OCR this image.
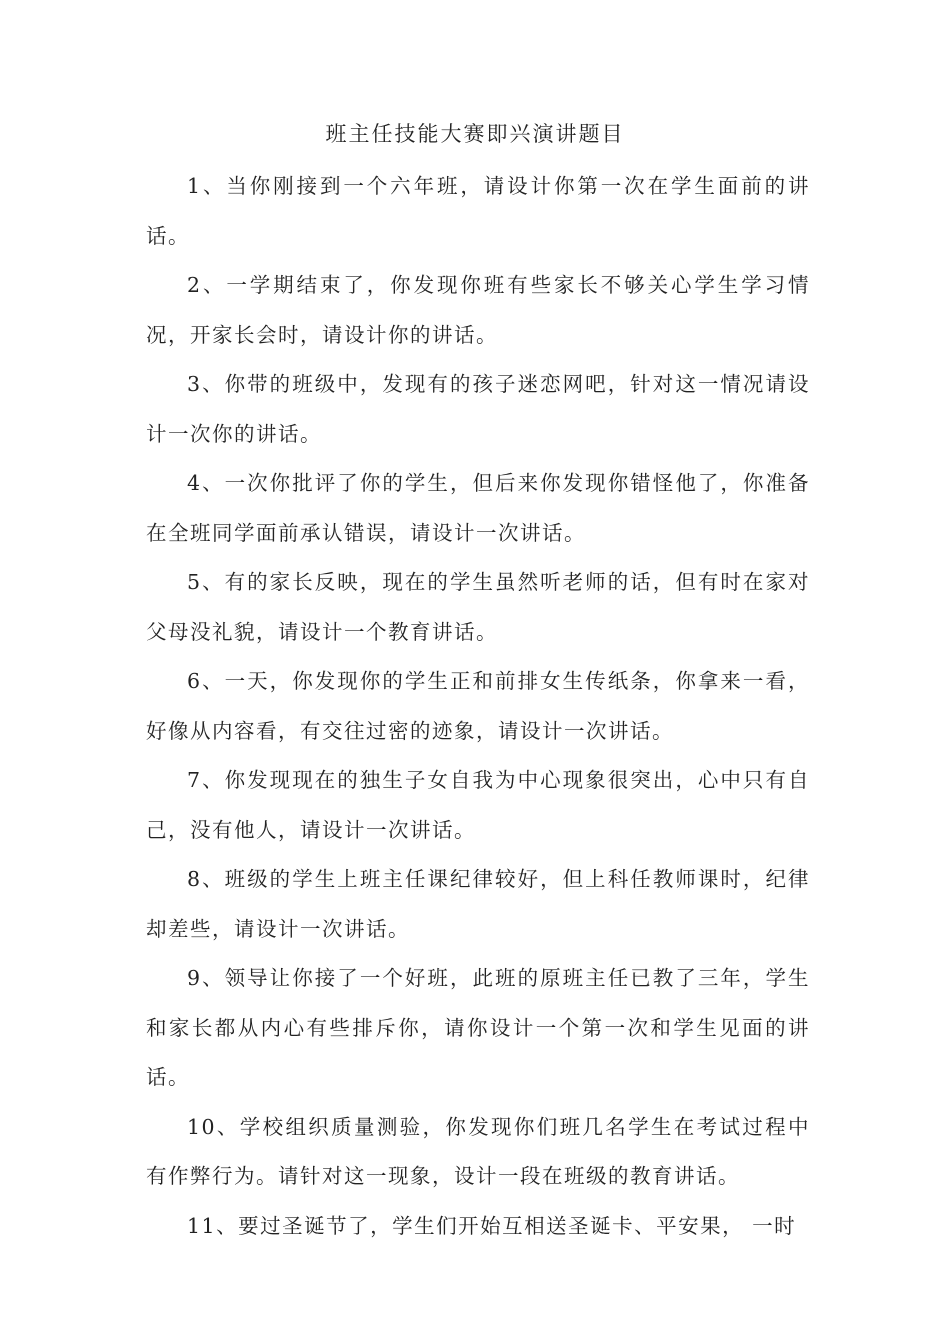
班主任技能大赛即兴演讲题目

1、当你刚接到一个六年班，请设计你第一次在学生面前的讲话。

2、一学期结束了，你发现你班有些家长不够关心学生学习情况，开家长会时，请设计你的讲话。

3、你带的班级中，发现有的孩子迷恋网吧，针对这一情况请设计一次你的讲话。

4、一次你批评了你的学生，但后来你发现你错怪他了，你准备在全班同学面前承认错误，请设计一次讲话。

5、有的家长反映，现在的学生虽然听老师的话，但有时在家对父母没礼貌，请设计一个教育讲话。

6、一天，你发现你的学生正和前排女生传纸条，你拿来一看，好像从内容看，有交往过密的迹象，请设计一次讲话。

7、你发现现在的独生子女自我为中心现象很突出，心中只有自己，没有他人，请设计一次讲话。

8、班级的学生上班主任课纪律较好，但上科任教师课时，纪律却差些，请设计一次讲话。

9、领导让你接了一个好班，此班的原班主任已教了三年，学生和家长都从内心有些排斥你，请你设计一个第一次和学生见面的讲话。

10、学校组织质量测验，你发现你们班几名学生在考试过程中有作弊行为。请针对这一现象，设计一段在班级的教育讲话。

11、要过圣诞节了，学生们开始互相送圣诞卡、平安果， 一时
